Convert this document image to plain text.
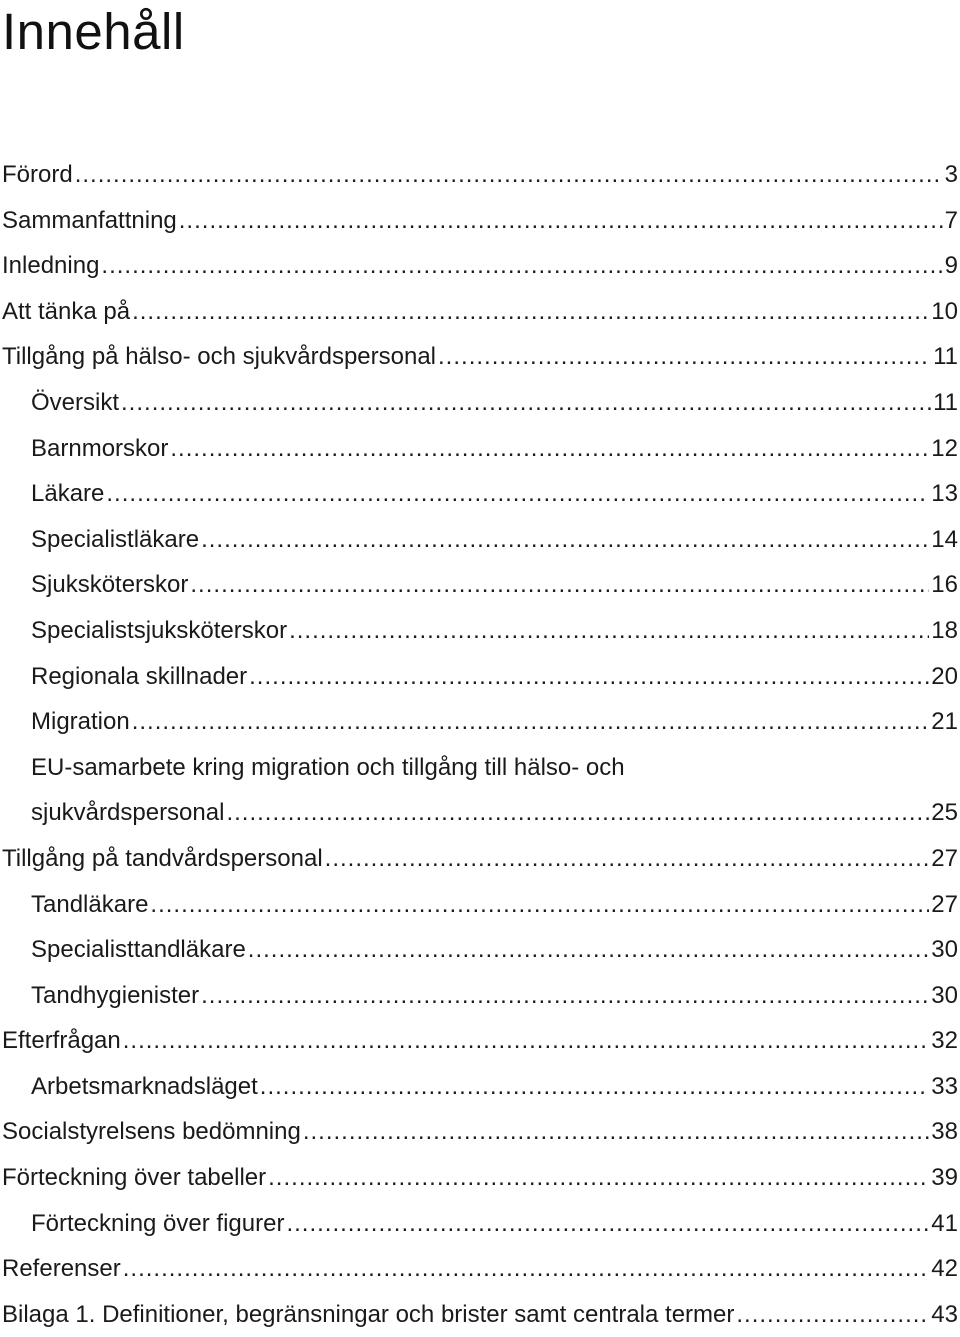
Innehåll
Förord .....	3
Sammanfattning .....	7
Inledning .....	9
Att tänka på .....	10
Tillgång på hälso- och sjukvårdspersonal .....	11
Översikt .....	11
Barnmorskor .....	12
Läkare .....	13
Specialistläkare .....	14
Sjuksköterskor .....	16
Specialistsjuksköterskor .....	18
Regionala skillnader .....	20
Migration .....	21
EU-samarbete kring migration och tillgång till hälso- och
sjukvårdspersonal .....	25
Tillgång på tandvårdspersonal .....	27
Tandläkare .....	27
Specialisttandläkare .....	30
Tandhygienister .....	30
Efterfrågan .....	32
Arbetsmarknadsläget .....	33
Socialstyrelsens bedömning .....	38
Förteckning över tabeller .....	39
Förteckning över figurer .....	41
Referenser .....	42
Bilaga 1. Definitioner, begränsningar och brister samt centrala termer .....	43
